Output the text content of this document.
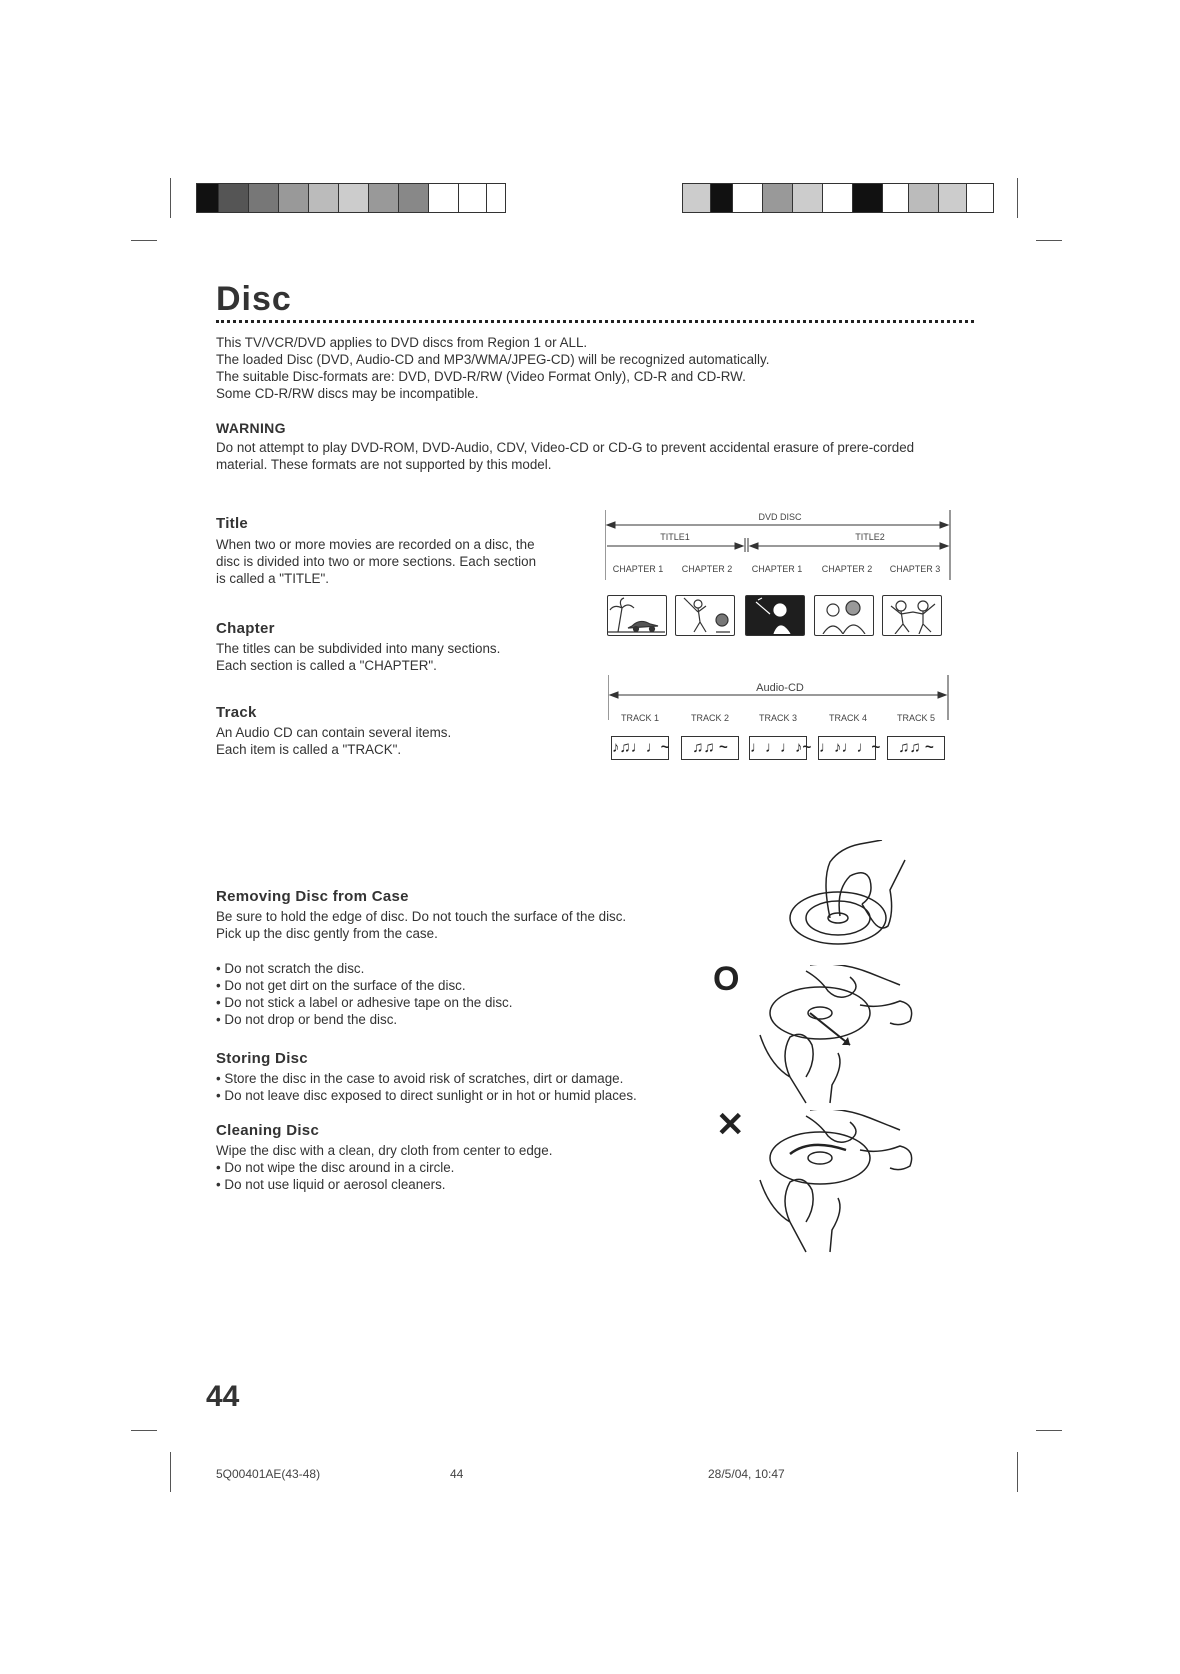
Disc

This TV/VCR/DVD applies to DVD discs from Region 1 or ALL.

The loaded Disc (DVD, Audio-CD and MP3/WMA/JPEG-CD) will be recognized automatically.

The suitable Disc-formats are: DVD, DVD-R/RW (Video Format Only), CD-R and CD-RW.

Some CD-R/RW discs may be incompatible.

WARNING
Do not attempt to play DVD-ROM, DVD-Audio, CDV, Video-CD or CD-G to prevent accidental erasure of prere-corded material. These formats are not supported by this model.
Title
When two or more movies are recorded on a disc, the disc is divided into two or more sections. Each section is called a "TITLE".
Chapter

The titles can be subdivided into many sections.

Each section is called a "CHAPTER".

Track

An Audio CD can contain several items.

Each item is called a "TRACK".

DVD DISC
TITLE1	TITLE2
CHAPTER 1	CHAPTER 2	CHAPTER 1	CHAPTER 2	CHAPTER 3
Audio-CD
TRACK 1	TRACK 2	TRACK 3	TRACK 4	TRACK 5
♪♫♩♩~	♫♫ ~	♩♩♩♪~ ♩♪♩♩~	♫♫ ~
Removing Disc from Case

Be sure to hold the edge of disc. Do not touch the surface of the disc.

Pick up the disc gently from the case.

• Do not scratch the disc.

• Do not get dirt on the surface of the disc.

• Do not stick a label or adhesive tape on the disc.

• Do not drop or bend the disc.

Storing Disc

• Store the disc in the case to avoid risk of scratches, dirt or damage.

• Do not leave disc exposed to direct sunlight or in hot or humid places.

Cleaning Disc

Wipe the disc with a clean, dry cloth from center to edge.

• Do not wipe the disc around in a circle.

• Do not use liquid or aerosol cleaners.

O
✕
44
5Q00401AE(43-48)	44	28/5/04, 10:47
